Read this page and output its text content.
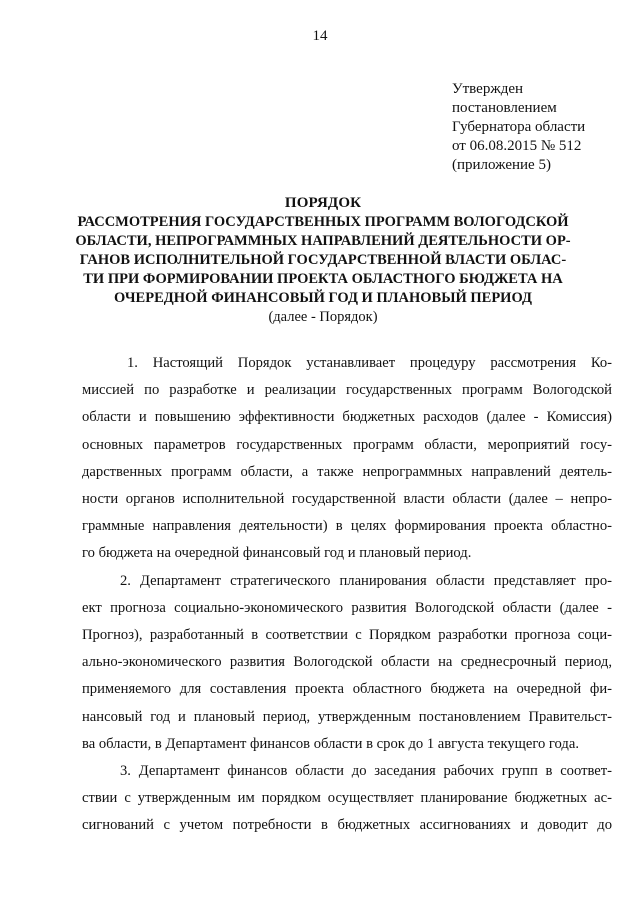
14
Утвержден
постановлением
Губернатора области
от 06.08.2015 № 512
(приложение 5)
ПОРЯДОК
РАССМОТРЕНИЯ ГОСУДАРСТВЕННЫХ ПРОГРАММ ВОЛОГОДСКОЙ
ОБЛАСТИ, НЕПРОГРАММНЫХ НАПРАВЛЕНИЙ ДЕЯТЕЛЬНОСТИ ОР-
ГАНОВ ИСПОЛНИТЕЛЬНОЙ ГОСУДАРСТВЕННОЙ ВЛАСТИ ОБЛАС-
ТИ ПРИ ФОРМИРОВАНИИ ПРОЕКТА ОБЛАСТНОГО БЮДЖЕТА НА
ОЧЕРЕДНОЙ ФИНАНСОВЫЙ ГОД И ПЛАНОВЫЙ ПЕРИОД
(далее - Порядок)
1. Настоящий Порядок устанавливает процедуру рассмотрения Ко-
миссией по разработке и реализации государственных программ Вологодской
области и повышению эффективности бюджетных расходов (далее - Комиссия)
основных параметров государственных программ области, мероприятий госу-
дарственных программ области, а также непрограммных направлений деятель-
ности органов исполнительной государственной власти области (далее – непро-
граммные направления деятельности) в целях формирования проекта областно-
го бюджета на очередной финансовый год и плановый период.
2. Департамент стратегического планирования области представляет про-
ект прогноза социально-экономического развития Вологодской области (далее -
Прогноз), разработанный в соответствии с Порядком разработки прогноза соци-
ально-экономического развития Вологодской области на среднесрочный период,
применяемого для составления проекта областного бюджета на очередной фи-
нансовый год и плановый период, утвержденным постановлением Правительст-
ва области, в Департамент финансов области в срок до 1 августа текущего года.
3. Департамент финансов области до заседания рабочих групп в соответ-
ствии с утвержденным им порядком осуществляет планирование бюджетных ас-
сигнований с учетом потребности в бюджетных ассигнованиях и доводит до
